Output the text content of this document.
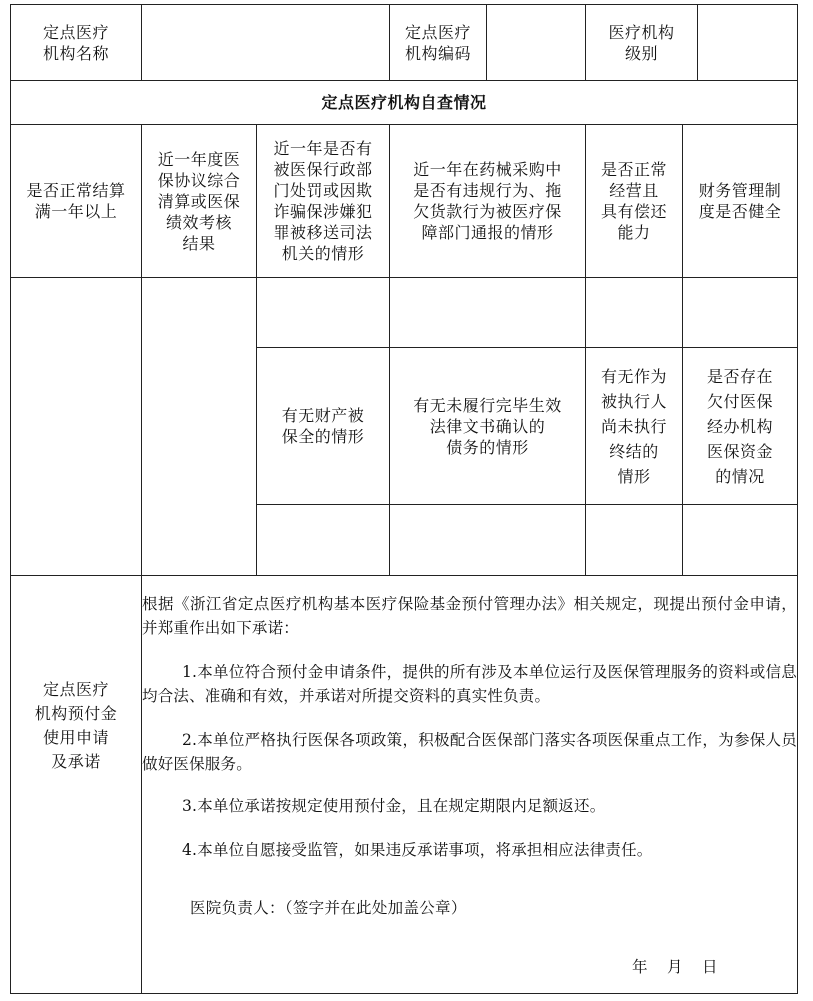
定点医疗
机构名称
定点医疗
机构编码
医疗机构
级别
定点医疗机构自查情况
是否正常结算
满一年以上
近一年度医
保协议综合
清算或医保
绩效考核
结果
近一年是否有
被医保行政部
门处罚或因欺
诈骗保涉嫌犯
罪被移送司法
机关的情形
近一年在药械采购中
是否有违规行为、拖
欠货款行为被医疗保
障部门通报的情形
是否正常
经营且
具有偿还
能力
财务管理制
度是否健全
有无财产被
保全的情形
有无未履行完毕生效
法律文书确认的
债务的情形
有无作为
被执行人
尚未执行
终结的
情形
是否存在
欠付医保
经办机构
医保资金
的情况
定点医疗
机构预付金
使用申请
及承诺
根据《浙江省定点医疗机构基本医疗保险基金预付管理办法》相关规定，现提出预付金申请，并郑重作出如下承诺：
1.本单位符合预付金申请条件，提供的所有涉及本单位运行及医保管理服务的资料或信息均合法、准确和有效，并承诺对所提交资料的真实性负责。
2.本单位严格执行医保各项政策，积极配合医保部门落实各项医保重点工作，为参保人员做好医保服务。
3.本单位承诺按规定使用预付金，且在规定期限内足额返还。
4.本单位自愿接受监管，如果违反承诺事项，将承担相应法律责任。
医院负责人：（签字并在此处加盖公章）
年　月　日
